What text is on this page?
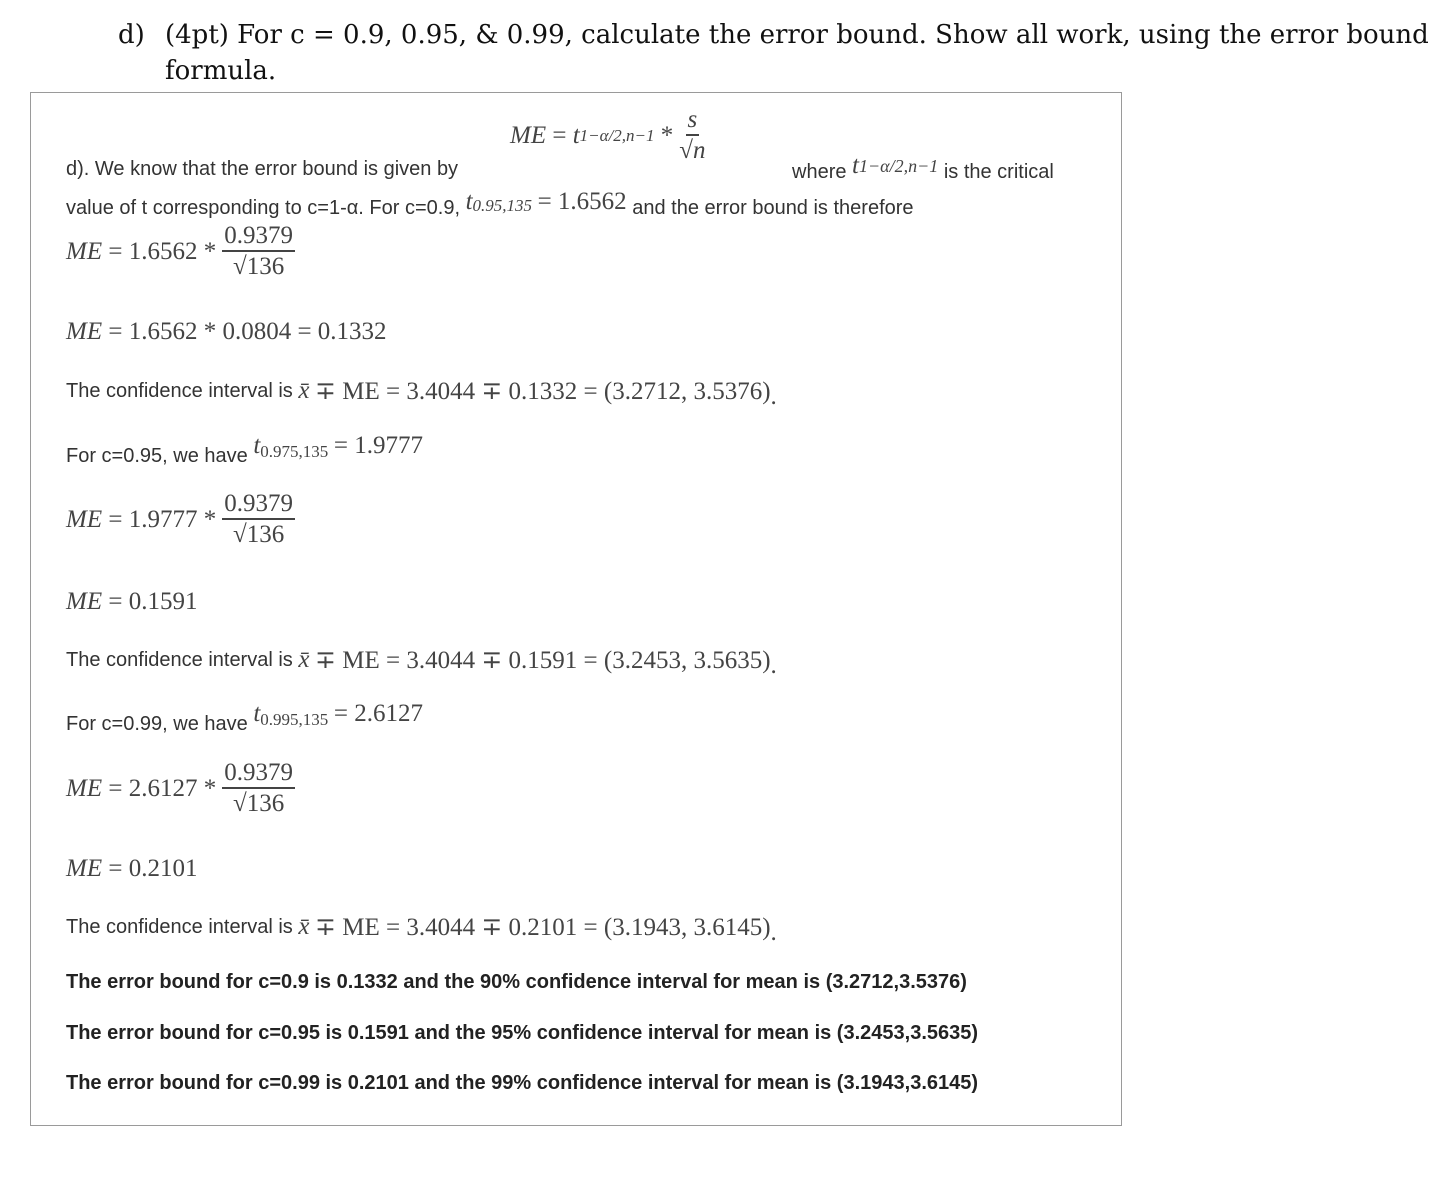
d) (4pt) For c = 0.9, 0.95, & 0.99, calculate the error bound. Show all work, using the error bound
formula.
ME
=
t 1−α/2,n−1
* $\frac{s}{√n}$
d). We know that the error bound is given by	where
t 1−α/2,n−1
is the critical
value of t corresponding to c=1-α. For c=0.9,
t 0.95,135
= 1.6562
and the error bound is therefore
ME
= $1.6562 * \frac{0.9379}{√136}$
ME
= 1.6562 * 0.0804 = 0.1332
The confidence interval is
x̄
∓ ME = 3.4044 ∓ 0.1332 = (3.2712, 3.5376) .
For c=0.95, we have
t 0.975,135
= 1.9777
ME
= $1.9777 * \frac{0.9379}{√136}$
ME
= 0.1591
The confidence interval is
x̄
∓ ME = 3.4044 ∓ 0.1591 = (3.2453, 3.5635) .
For c=0.99, we have
t 0.995,135
= 2.6127
ME
= $2.6127 * \frac{0.9379}{√136}$
ME
= 0.2101
The confidence interval is
x̄
∓ ME = 3.4044 ∓ 0.2101 = (3.1943, 3.6145) .
The error bound for c=0.9 is 0.1332 and the 90% confidence interval for mean is (3.2712,3.5376)
The error bound for c=0.95 is 0.1591 and the 95% confidence interval for mean is (3.2453,3.5635)
The error bound for c=0.99 is 0.2101 and the 99% confidence interval for mean is (3.1943,3.6145)
